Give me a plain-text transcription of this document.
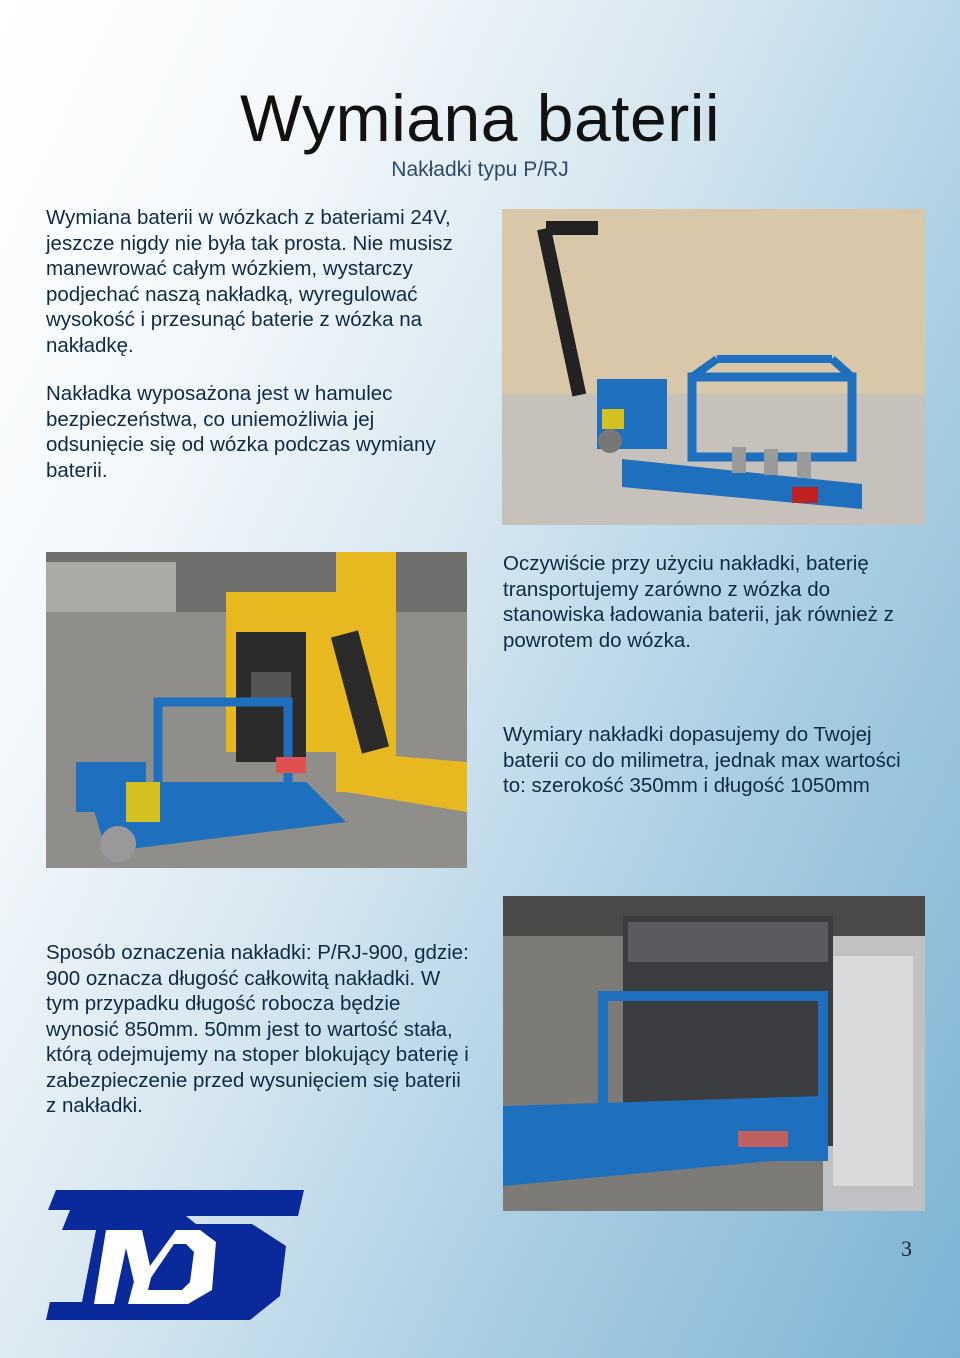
Wymiana baterii
Nakładki typu P/RJ

Wymiana baterii w wózkach z bateriami 24V, jeszcze nigdy nie była tak prosta. Nie musisz manewrować całym wózkiem, wystarczy podjechać naszą nakładką, wyregulować wysokość i przesunąć baterie z wózka na nakładkę.

Nakładka wyposażona jest w hamulec bezpieczeństwa, co uniemożliwia jej odsunięcie się od wózka podczas wymiany baterii.

Oczywiście przy użyciu nakładki, baterię transportujemy zarówno z wózka do stanowiska ładowania baterii, jak również z powrotem do wózka.

Wymiary nakładki dopasujemy do Twojej baterii co do milimetra, jednak max wartości to: szerokość 350mm i długość 1050mm

Sposób oznaczenia nakładki: P/RJ-900, gdzie: 900 oznacza długość całkowitą nakładki. W tym przypadku długość robocza będzie wynosić 850mm. 50mm jest to wartość stała, którą odejmujemy na stoper blokujący baterię i zabezpieczenie przed wysunięciem się baterii z nakładki.

3
